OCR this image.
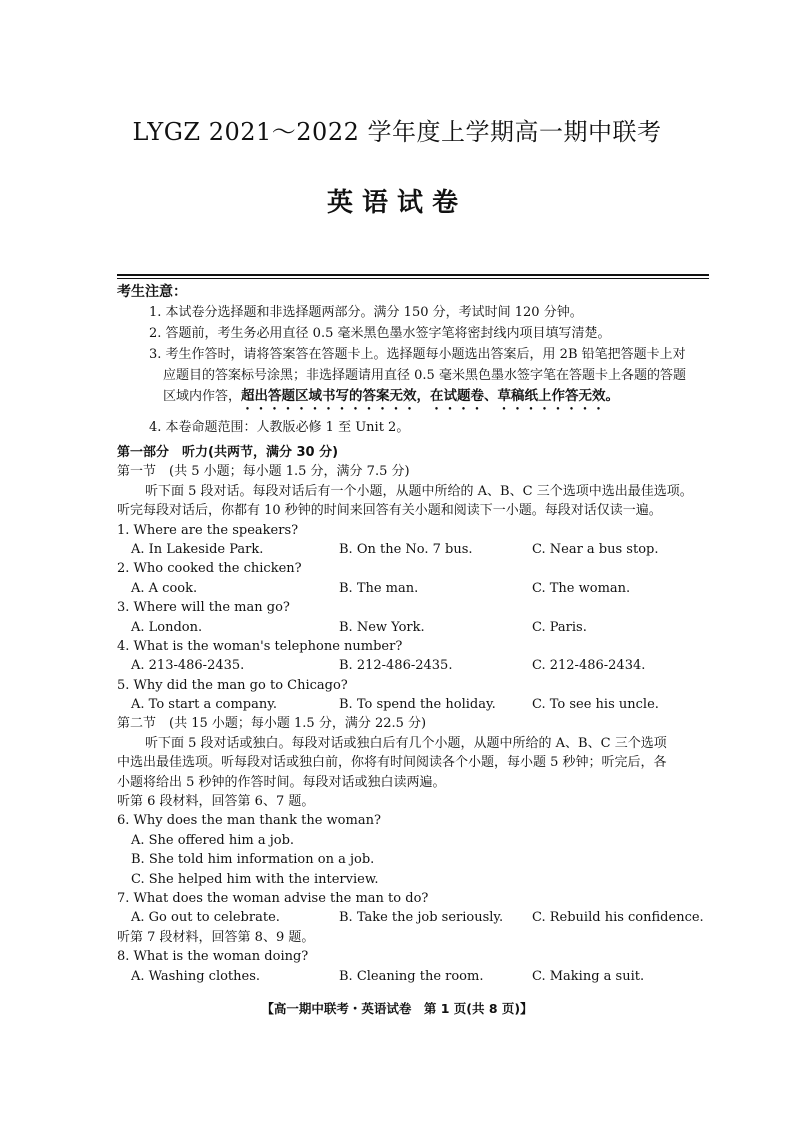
LYGZ 2021～2022 学年度上学期高一期中联考
英语试卷
考生注意：
1. 本试卷分选择题和非选择题两部分。满分 150 分，考试时间 120 分钟。
2. 答题前，考生务必用直径 0.5 毫米黑色墨水签字笔将密封线内项目填写清楚。
3. 考生作答时，请将答案答在答题卡上。选择题每小题选出答案后，用 2B 铅笔把答题卡上对
应题目的答案标号涂黑；非选择题请用直径 0.5 毫米黑色墨水签字笔在答题卡上各题的答题
区域内作答，超出答题区域书写的答案无效，在试题卷、草稿纸上作答无效。
4. 本卷命题范围：人教版必修 1 至 Unit 2。
第一部分　听力(共两节，满分 30 分)
第一节　(共 5 小题；每小题 1.5 分，满分 7.5 分)
听下面 5 段对话。每段对话后有一个小题，从题中所给的 A、B、C 三个选项中选出最佳选项。
听完每段对话后，你都有 10 秒钟的时间来回答有关小题和阅读下一小题。每段对话仅读一遍。
1. Where are the speakers?
A. In Lakeside Park.	B. On the No. 7 bus.	C. Near a bus stop.
2. Who cooked the chicken?
A. A cook.	B. The man.	C. The woman.
3. Where will the man go?
A. London.	B. New York.	C. Paris.
4. What is the woman's telephone number?
A. 213-486-2435.	B. 212-486-2435.	C. 212-486-2434.
5. Why did the man go to Chicago?
A. To start a company.	B. To spend the holiday.	C. To see his uncle.
第二节　(共 15 小题；每小题 1.5 分，满分 22.5 分)
听下面 5 段对话或独白。每段对话或独白后有几个小题，从题中所给的 A、B、C 三个选项
中选出最佳选项。听每段对话或独白前，你将有时间阅读各个小题，每小题 5 秒钟；听完后，各
小题将给出 5 秒钟的作答时间。每段对话或独白读两遍。
听第 6 段材料，回答第 6、7 题。
6. Why does the man thank the woman?
A. She offered him a job.
B. She told him information on a job.
C. She helped him with the interview.
7. What does the woman advise the man to do?
A. Go out to celebrate.	B. Take the job seriously. C. Rebuild his confidence.
听第 7 段材料，回答第 8、9 题。
8. What is the woman doing?
A. Washing clothes.	B. Cleaning the room.	C. Making a suit.
【高一期中联考・英语试卷　第 1 页(共 8 页)】
